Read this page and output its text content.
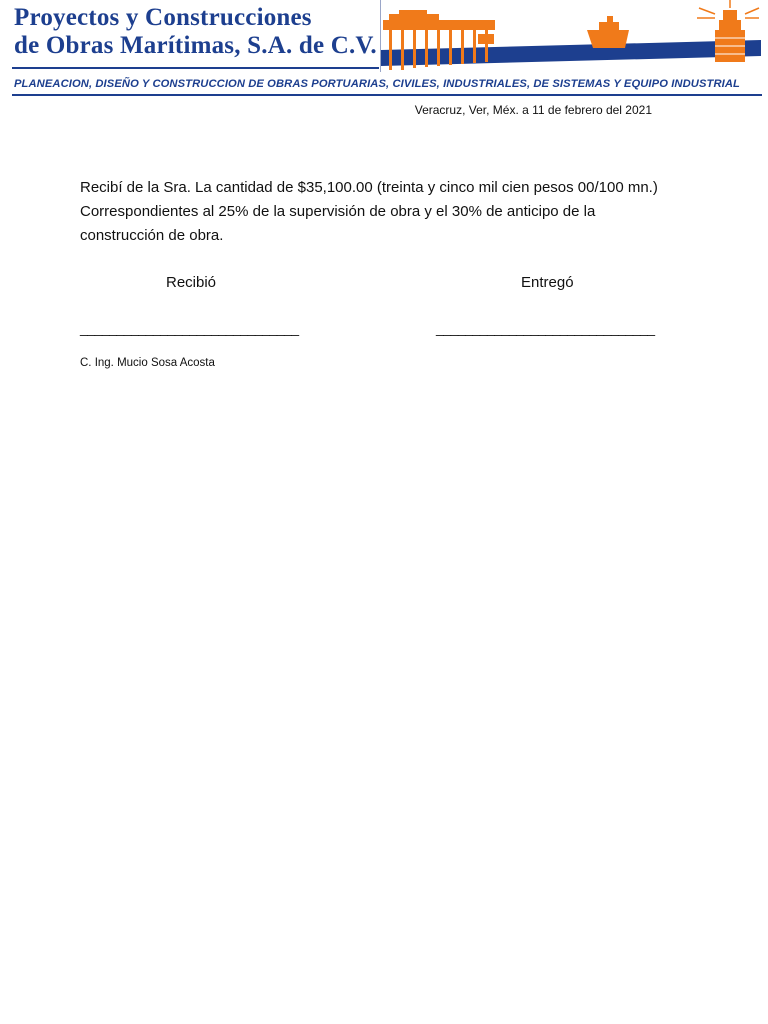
Proyectos y Construcciones
de Obras Marítimas, S.A. de C.V.
PLANEACION, DISEÑO Y CONSTRUCCION DE OBRAS PORTUARIAS, CIVILES, INDUSTRIALES, DE SISTEMAS Y EQUIPO INDUSTRIAL
Veracruz, Ver, Méx. a 11 de febrero del 2021
Recibí de la Sra. La cantidad de $35,100.00 (treinta y cinco mil cien pesos 00/100 mn.) Correspondientes al 25% de la supervisión de obra y el 30% de anticipo de la construcción de obra.
Recibió	Entregó
______________________________	______________________________
C. Ing. Mucio Sosa Acosta
